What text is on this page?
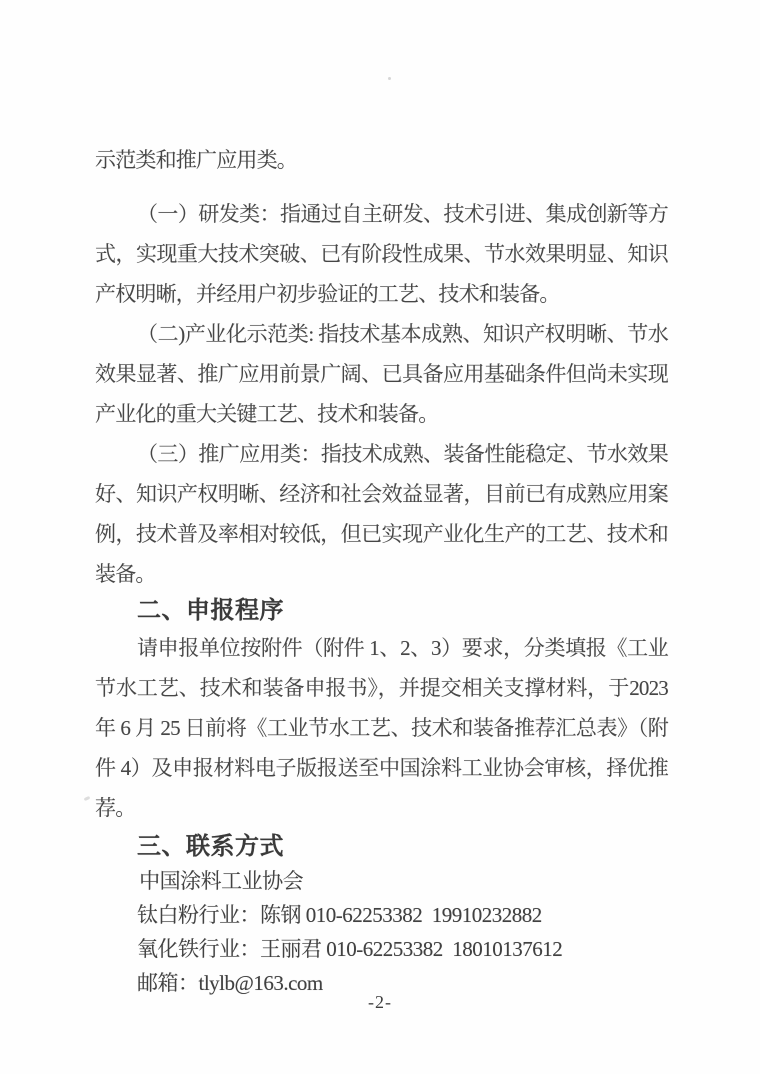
示范类和推广应用类。

（一）研发类：指通过自主研发、技术引进、集成创新等方式，实现重大技术突破、已有阶段性成果、节水效果明显、知识产权明晰，并经用户初步验证的工艺、技术和装备。

（二)产业化示范类: 指技术基本成熟、知识产权明晰、节水效果显著、推广应用前景广阔、已具备应用基础条件但尚未实现产业化的重大关键工艺、技术和装备。

（三）推广应用类：指技术成熟、装备性能稳定、节水效果好、知识产权明晰、经济和社会效益显著，目前已有成熟应用案例，技术普及率相对较低，但已实现产业化生产的工艺、技术和装备。

二、申报程序

请申报单位按附件（附件 1、2、3）要求，分类填报《工业节水工艺、技术和装备申报书》，并提交相关支撑材料，于2023 年 6 月 25 日前将《工业节水工艺、技术和装备推荐汇总表》（附件 4）及申报材料电子版报送至中国涂料工业协会审核，择优推荐。

三、联系方式

中国涂料工业协会

钛白粉行业：陈钢 010-62253382  19910232882

氧化铁行业：王丽君 010-62253382  18010137612

邮箱：tlylb@163.com

-2-
